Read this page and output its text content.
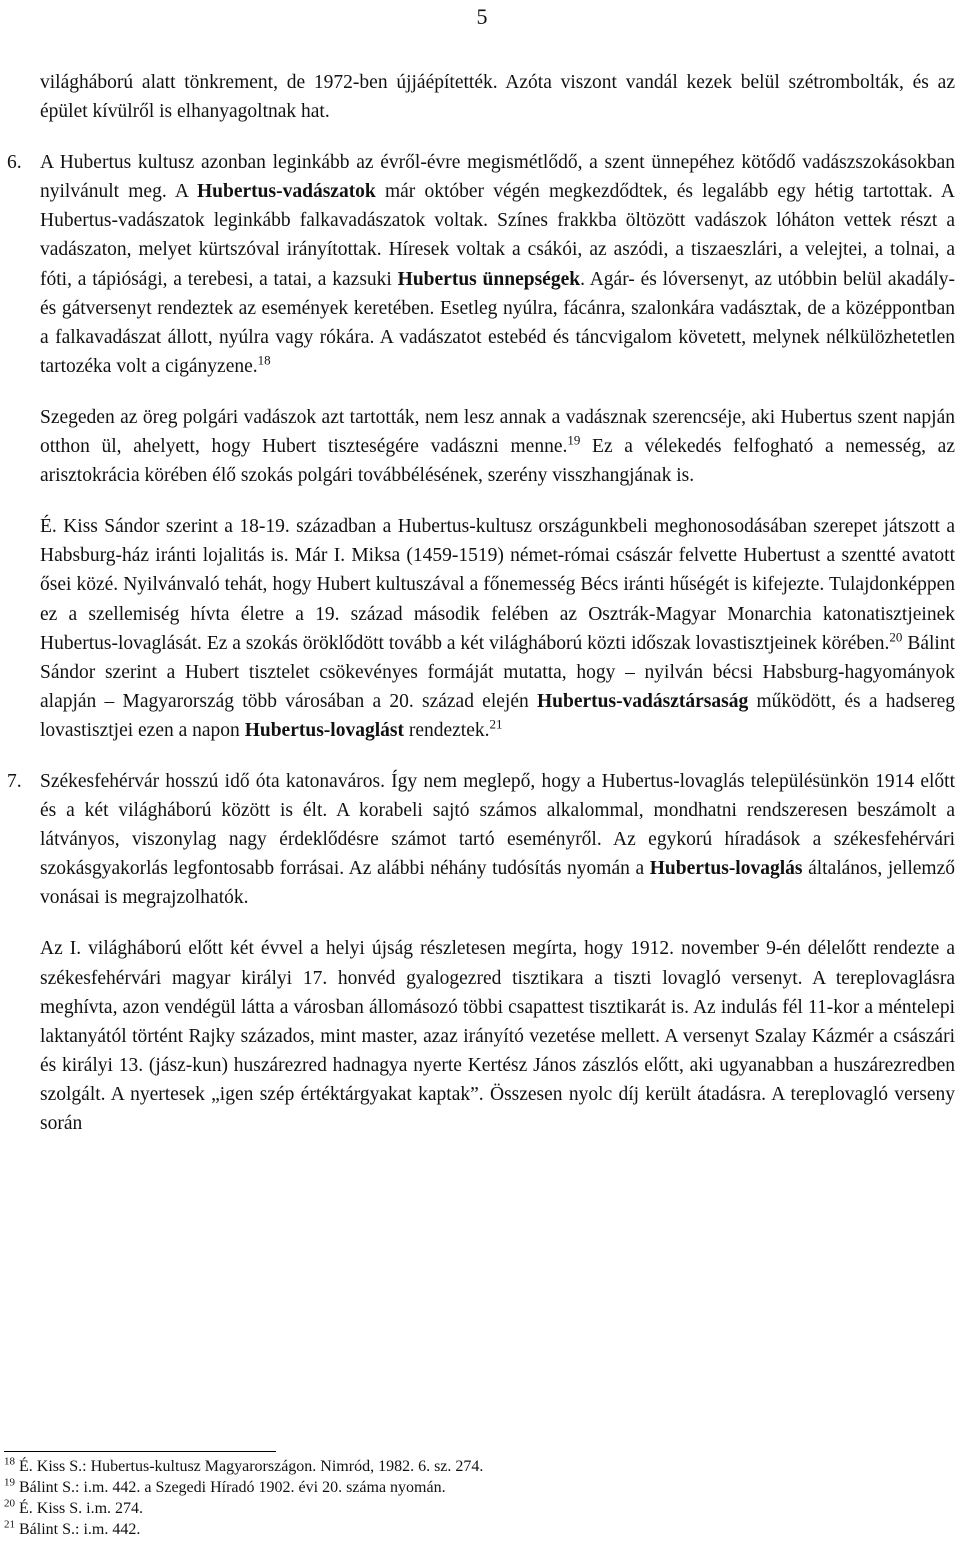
5

világháború alatt tönkrement, de 1972-ben újjáépítették. Azóta viszont vandál kezek belül szétrombolták, és az épület kívülről is elhanyagoltnak hat.

6. A Hubertus kultusz azonban leginkább az évről-évre megismétlődő, a szent ünnepéhez kötődő vadászszokásokban nyilvánult meg. A Hubertus-vadászatok már október végén megkezdődtek, és legalább egy hétig tartottak. A Hubertus-vadászatok leginkább falkavadászatok voltak. Színes frakkba öltözött vadászok lóháton vettek részt a vadászaton, melyet kürtszóval irányítottak. Híresek voltak a csákói, az aszódi, a tiszaeszlári, a velejtei, a tolnai, a fóti, a tápiósági, a terebesi, a tatai, a kazsuki Hubertus ünnepségek. Agár- és lóversenyt, az utóbbin belül akadály- és gátversenyt rendeztek az események keretében. Esetleg nyúlra, fácánra, szalonkára vadásztak, de a középpontban a falkavadászat állott, nyúlra vagy rókára. A vadászatot estebéd és táncvigalom követett, melynek nélkülözhetetlen tartozéka volt a cigányzene.$^{18}$

Szegeden az öreg polgári vadászok azt tartották, nem lesz annak a vadásznak szerencséje, aki Hubertus szent napján otthon ül, ahelyett, hogy Hubert tiszteségére vadászni menne.$^{19}$ Ez a vélekedés felfogható a nemesség, az arisztokrácia körében élő szokás polgári továbbélésének, szerény visszhangjának is.

É. Kiss Sándor szerint a 18-19. században a Hubertus-kultusz országunkbeli meghonosodásában szerepet játszott a Habsburg-ház iránti lojalitás is. Már I. Miksa (1459-1519) német-római császár felvette Hubertust a szentté avatott ősei közé. Nyilvánvaló tehát, hogy Hubert kultuszával a főnemesség Bécs iránti hűségét is kifejezte. Tulajdonképpen ez a szellemiség hívta életre a 19. század második felében az Osztrák-Magyar Monarchia katonatisztjeinek Hubertus-lovaglását. Ez a szokás öröklődött tovább a két világháború közti időszak lovastisztjeinek körében.$^{20}$ Bálint Sándor szerint a Hubert tisztelet csökevényes formáját mutatta, hogy – nyilván bécsi Habsburg-hagyományok alapján – Magyarország több városában a 20. század elején Hubertus-vadásztársaság működött, és a hadsereg lovastisztjei ezen a napon Hubertus-lovaglást rendeztek.$^{21}$

7. Székesfehérvár hosszú idő óta katonaváros. Így nem meglepő, hogy a Hubertus-lovaglás településünkön 1914 előtt és a két világháború között is élt. A korabeli sajtó számos alkalommal, mondhatni rendszeresen beszámolt a látványos, viszonylag nagy érdeklődésre számot tartó eseményről. Az egykorú híradások a székesfehérvári szokásgyakorlás legfontosabb forrásai. Az alábbi néhány tudósítás nyomán a Hubertus-lovaglás általános, jellemző vonásai is megrajzolhatók.

Az I. világháború előtt két évvel a helyi újság részletesen megírta, hogy 1912. november 9-én délelőtt rendezte a székesfehérvári magyar királyi 17. honvéd gyalogezred tisztikara a tiszti lovagló versenyt. A tereplovaglásra meghívta, azon vendégül látta a városban állomásozó többi csapattest tisztikarát is. Az indulás fél 11-kor a méntelepi laktanyától történt Rajky százados, mint master, azaz irányító vezetése mellett. A versenyt Szalay Kázmér a császári és királyi 13. (jász-kun) huszárezred hadnagya nyerte Kertész János zászlós előtt, aki ugyanabban a huszárezredben szolgált. A nyertesek „igen szép értéktárgyakat kaptak”. Összesen nyolc díj került átadásra. A tereplovagló verseny során

$^{18}$ É. Kiss S.: Hubertus-kultusz Magyarországon. Nimród, 1982. 6. sz. 274.
$^{19}$ Bálint S.: i.m. 442. a Szegedi Híradó 1902. évi 20. száma nyomán.
$^{20}$ É. Kiss S. i.m. 274.
$^{21}$ Bálint S.: i.m. 442.
